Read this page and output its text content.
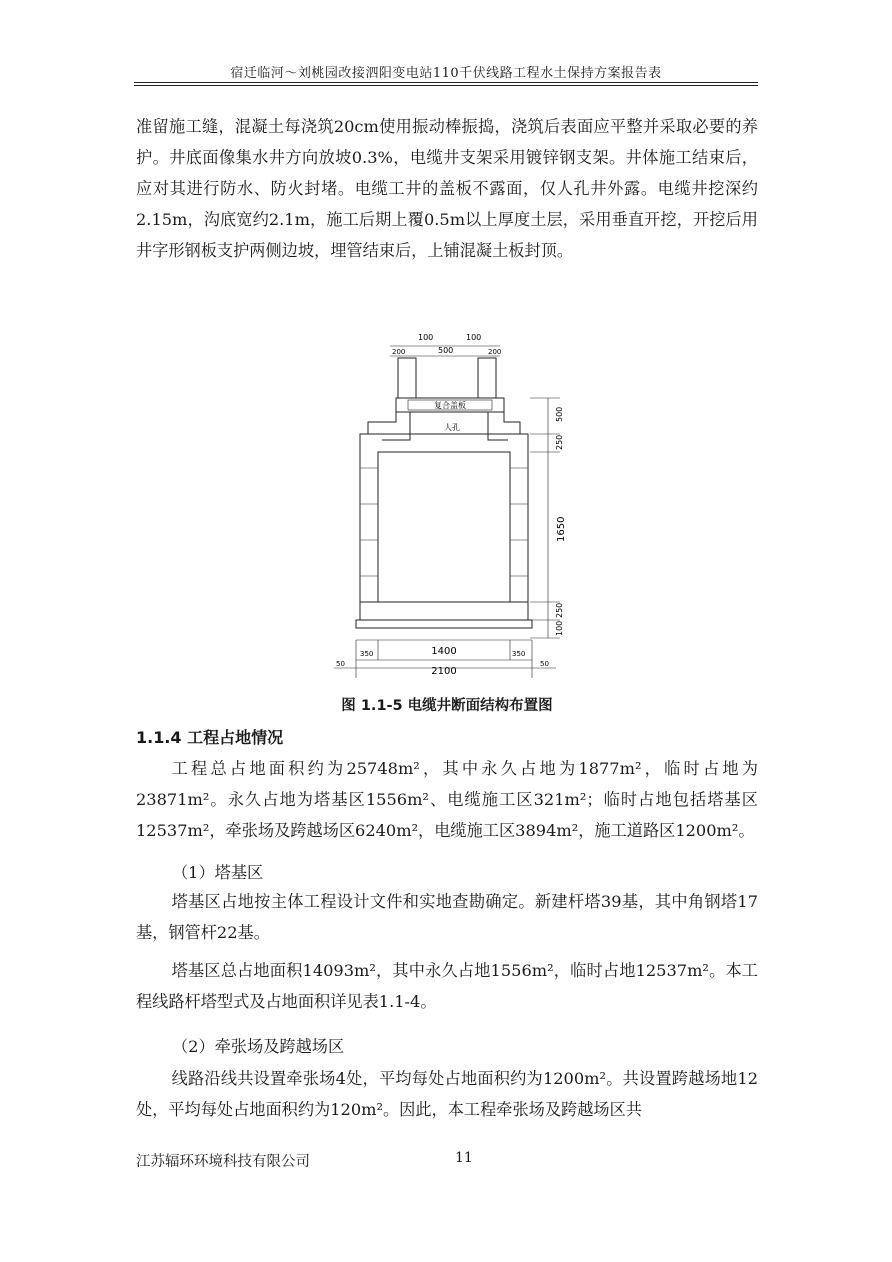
宿迁临河～刘桃园改接泗阳变电站110千伏线路工程水土保持方案报告表
准留施工缝，混凝土每浇筑20cm使用振动棒振捣，浇筑后表面应平整并采取必要的养护。井底面像集水井方向放坡0.3%，电缆井支架采用镀锌钢支架。井体施工结束后，应对其进行防水、防火封堵。电缆工井的盖板不露面，仅人孔井外露。电缆井挖深约2.15m，沟底宽约2.1m，施工后期上覆0.5m以上厚度土层，采用垂直开挖，开挖后用井字形钢板支护两侧边坡，埋管结束后，上铺混凝土板封顶。
100	100
200	500	200
复合盖板
人孔
500
250
1650
250
100
1400
350	350
2100
50	50
图 1.1-5 电缆井断面结构布置图
1.1.4 工程占地情况
工程总占地面积约为25748m²，其中永久占地为1877m²，临时占地为23871m²。永久占地为塔基区1556m²、电缆施工区321m²；临时占地包括塔基区12537m²，牵张场及跨越场区6240m²，电缆施工区3894m²，施工道路区1200m²。
（1）塔基区
塔基区占地按主体工程设计文件和实地查勘确定。新建杆塔39基，其中角钢塔17基，钢管杆22基。
塔基区总占地面积14093m²，其中永久占地1556m²，临时占地12537m²。本工程线路杆塔型式及占地面积详见表1.1-4。
（2）牵张场及跨越场区
线路沿线共设置牵张场4处，平均每处占地面积约为1200m²。共设置跨越场地12处，平均每处占地面积约为120m²。因此，本工程牵张场及跨越场区共
江苏辐环环境科技有限公司	11
